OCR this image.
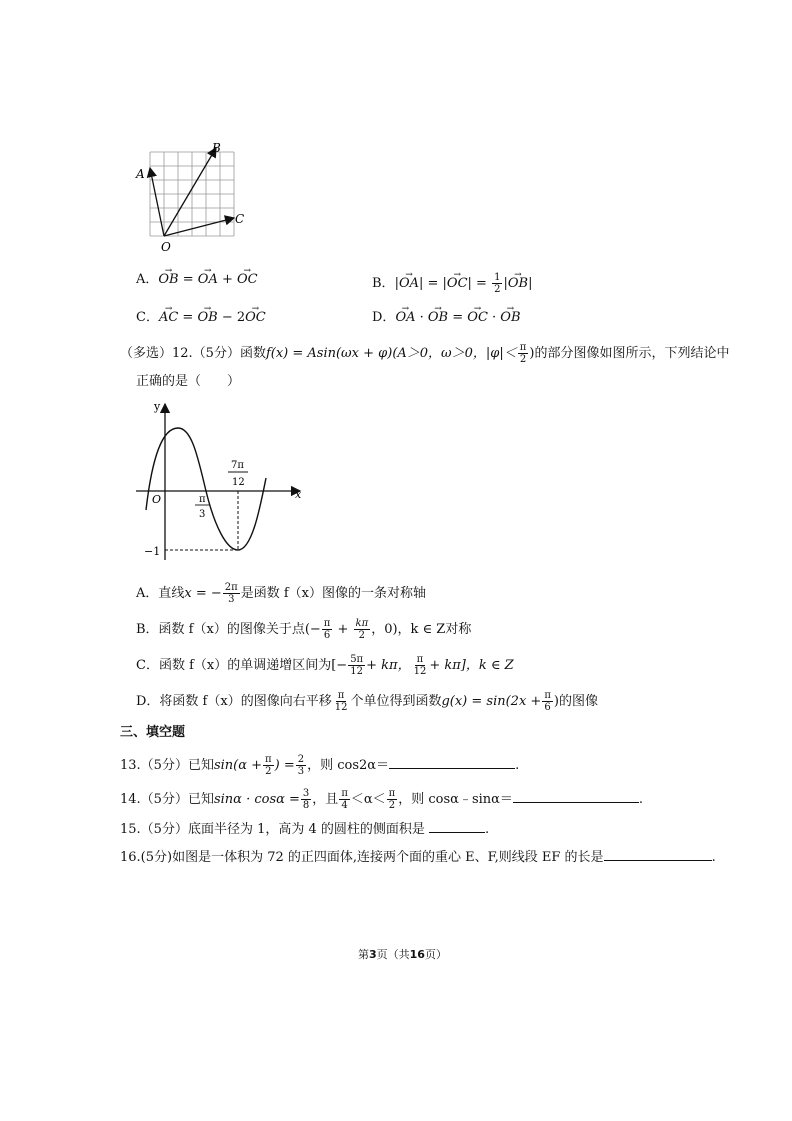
A
B
C
O
A．→ OB = → OA + → OC	B．|→ OA| = |→ $OC| = \frac{1}{2}$ |→ OB|
C．→ AC = → OB − 2→ OC	D．→ OA · → OB = → OC · → OB
（多选）12.（5分）函数f(x) = Asin(ωx + φ)(A＞0，ω＞0，$|\varphi|< \frac{\pi}{2}$ )的部分图像如图所示，下列结论中
正确的是（　　）
y
x
O	π
3
7π
12
−1
A．直线x = − $\frac{2\pi}{3}$ 是函数 f（x）图像的一条对称轴
B．函数 f（x）的图像关于点(− $\frac{\pi}{6} + \frac{k\pi}{2}$ ，0)，k ∈ Z对称
C．函数 f（x）的单调递增区间为[− $\frac{5\pi}{12} + k\pi$， $\frac{\pi}{12} + k\pi$]，k ∈ Z
D．将函数 f（x）的图像向右平移 $\frac{\pi}{12}$ 个单位得到函数$g(x) = \sin(2x + \frac{\pi}{6}$ )的图像
三、填空题
13.（5分）已知$\sin(\alpha + \frac{\pi}{2}$ ) = $\frac{2}{3}$ ，则 cos2α＝	.
14.（5分）已知$\sin\alpha \cdot \cos\alpha = \frac{3}{8}$ ，且 $\frac{\pi}{4} <\alpha< \frac{\pi}{2}$ ，则 cosα﹣sinα＝	.
15.（5分）底面半径为 1，高为 4 的圆柱的侧面积是	.
16.(5分)如图是一体积为 72 的正四面体,连接两个面的重心 E、F,则线段 EF 的长是	.
第3页（共16页）
